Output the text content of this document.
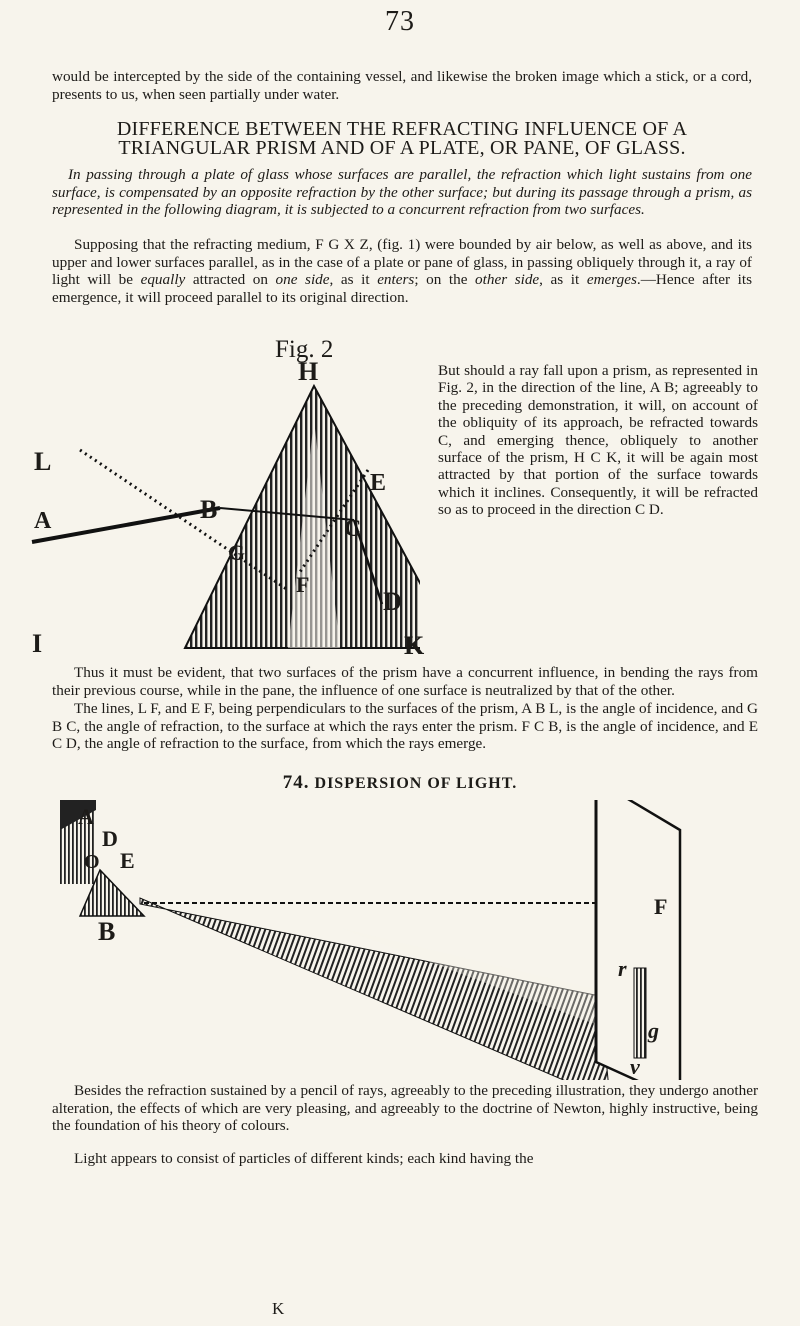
73
would be intercepted by the side of the containing vessel, and likewise the broken image which a stick, or a cord, presents to us, when seen partially under water.
DIFFERENCE BETWEEN THE REFRACTING INFLUENCE OF A
TRIANGULAR PRISM AND OF A PLATE, OR PANE, OF GLASS.
In passing through a plate of glass whose surfaces are parallel, the refraction which light sustains from one surface, is compensated by an opposite refraction by the other surface; but during its passage through a prism, as represented in the following diagram, it is subjected to a concurrent refraction from two surfaces.
Supposing that the refracting medium, F G X Z, (fig. 1) were bounded by air below, as well as above, and its upper and lower surfaces parallel, as in the case of a plate or pane of glass, in passing obliquely through it, a ray of light will be equally attracted on one side, as it enters; on the other side, as it emerges.—Hence after its emergence, it will proceed parallel to its original direction.
Fig. 2
H
L
E
A	B
C
G
F
D
I	K
But should a ray fall upon a prism, as represented in Fig. 2, in the direction of the line, A B; agreeably to the preceding demonstration, it will, on account of the obliquity of its approach, be refracted towards C, and emerging thence, obliquely to another surface of the prism, H C K, it will be again most attracted by that portion of the surface towards which it inclines. Consequently, it will be refracted so as to proceed in the direction C D.
Thus it must be evident, that two surfaces of the prism have a concurrent influence, in bending the rays from their previous course, while in the pane, the influence of one surface is neutralized by that of the other.
The lines, L F, and E F, being perpendiculars to the surfaces of the prism, A B L, is the angle of incidence, and G B C, the angle of refraction, to the surface at which the rays enter the prism. F C B, is the angle of incidence, and E C D, the angle of refraction to the surface, from which the rays emerge.
74. DISPERSION OF LIGHT.
A
D
O E
B
F
r
g
v
Besides the refraction sustained by a pencil of rays, agreeably to the preceding illustration, they undergo another alteration, the effects of which are very pleasing, and agreeably to the doctrine of Newton, highly instructive, being the foundation of his theory of colours.
Light appears to consist of particles of different kinds; each kind having the
K
